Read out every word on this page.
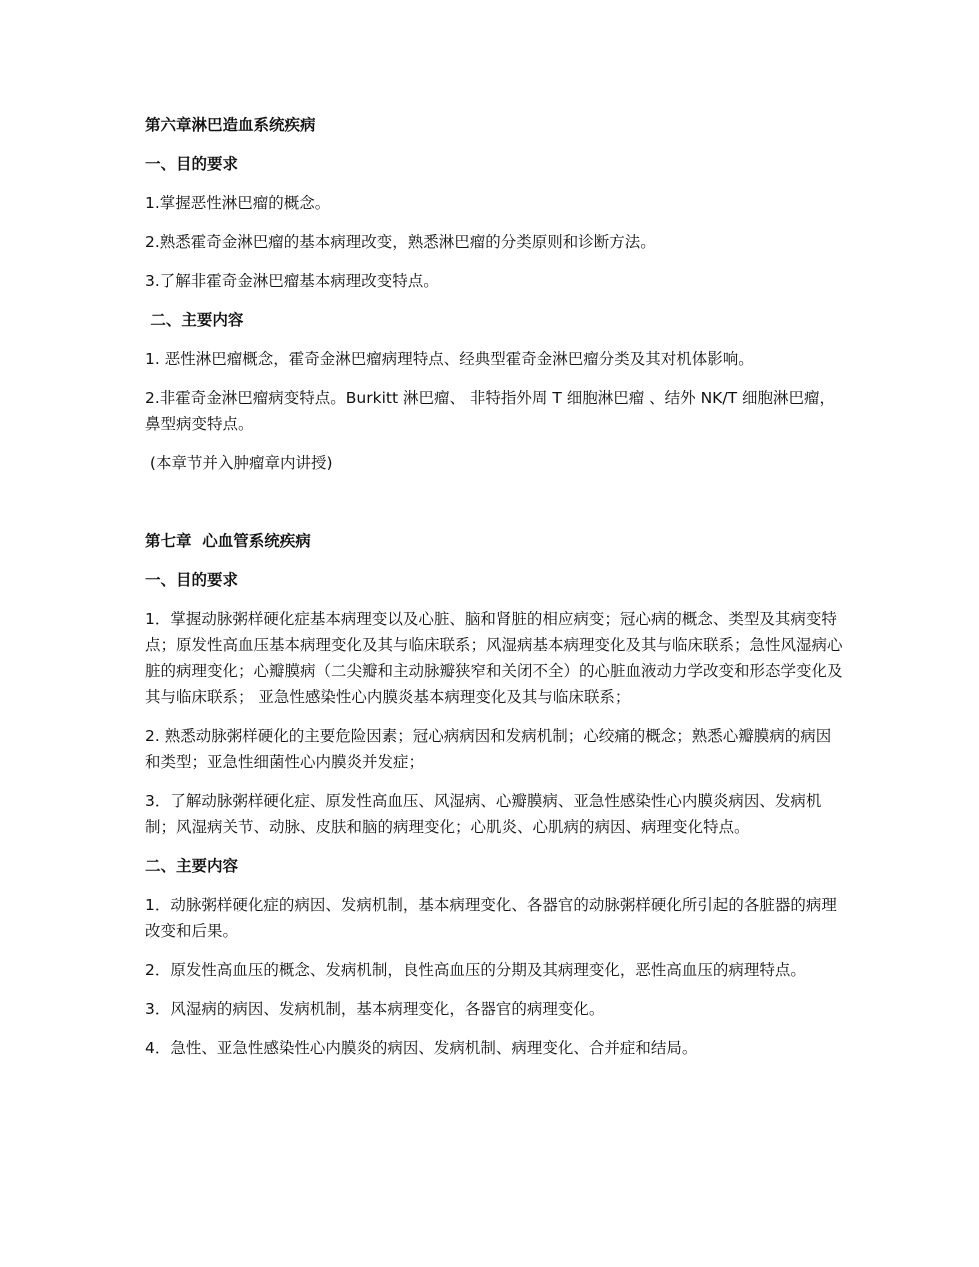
第六章淋巴造血系统疾病

一、目的要求

1.掌握恶性淋巴瘤的概念。

2.熟悉霍奇金淋巴瘤的基本病理改变，熟悉淋巴瘤的分类原则和诊断方法。

3.了解非霍奇金淋巴瘤基本病理改变特点。

二、主要内容

1. 恶性淋巴瘤概念，霍奇金淋巴瘤病理特点、经典型霍奇金淋巴瘤分类及其对机体影响。

2.非霍奇金淋巴瘤病变特点。Burkitt 淋巴瘤、 非特指外周 T 细胞淋巴瘤 、结外 NK/T 细胞淋巴瘤，鼻型病变特点。

(本章节并入肿瘤章内讲授)

第七章  心血管系统疾病

一、目的要求

1．掌握动脉粥样硬化症基本病理变以及心脏、脑和肾脏的相应病变；冠心病的概念、类型及其病变特点；原发性高血压基本病理变化及其与临床联系；风湿病基本病理变化及其与临床联系；急性风湿病心脏的病理变化；心瓣膜病（二尖瓣和主动脉瓣狭窄和关闭不全）的心脏血液动力学改变和形态学变化及其与临床联系； 亚急性感染性心内膜炎基本病理变化及其与临床联系；

2. 熟悉动脉粥样硬化的主要危险因素；冠心病病因和发病机制；心绞痛的概念；熟悉心瓣膜病的病因和类型；亚急性细菌性心内膜炎并发症；

3．了解动脉粥样硬化症、原发性高血压、风湿病、心瓣膜病、亚急性感染性心内膜炎病因、发病机制；风湿病关节、动脉、皮肤和脑的病理变化；心肌炎、心肌病的病因、病理变化特点。

二、主要内容

1．动脉粥样硬化症的病因、发病机制，基本病理变化、各器官的动脉粥样硬化所引起的各脏器的病理改变和后果。

2．原发性高血压的概念、发病机制，良性高血压的分期及其病理变化，恶性高血压的病理特点。

3．风湿病的病因、发病机制，基本病理变化，各器官的病理变化。

4．急性、亚急性感染性心内膜炎的病因、发病机制、病理变化、合并症和结局。
